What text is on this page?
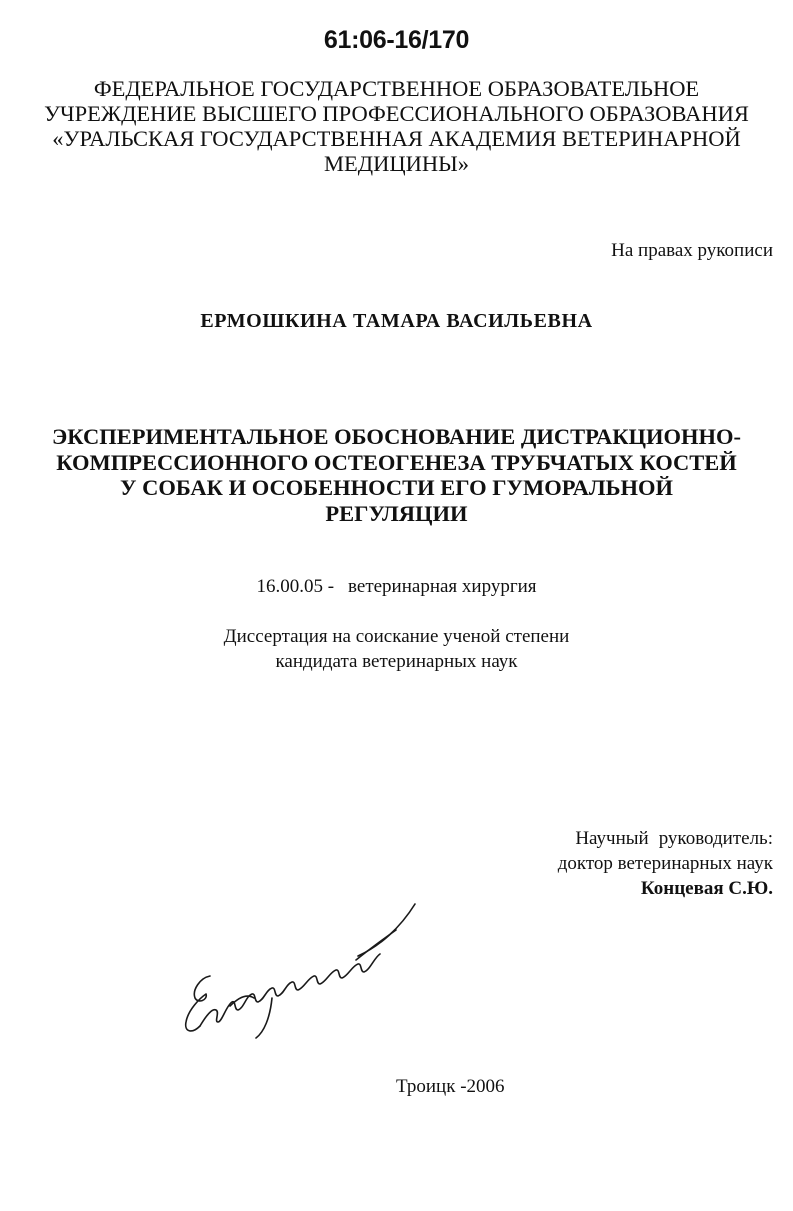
61:06-16/170
ФЕДЕРАЛЬНОЕ ГОСУДАРСТВЕННОЕ ОБРАЗОВАТЕЛЬНОЕ
УЧРЕЖДЕНИЕ ВЫСШЕГО ПРОФЕССИОНАЛЬНОГО ОБРАЗОВАНИЯ
«УРАЛЬСКАЯ ГОСУДАРСТВЕННАЯ АКАДЕМИЯ ВЕТЕРИНАРНОЙ
МЕДИЦИНЫ»
На правах рукописи
ЕРМОШКИНА ТАМАРА ВАСИЛЬЕВНА
ЭКСПЕРИМЕНТАЛЬНОЕ ОБОСНОВАНИЕ ДИСТРАКЦИОННО-
КОМПРЕССИОННОГО ОСТЕОГЕНЕЗА ТРУБЧАТЫХ КОСТЕЙ
У СОБАК И ОСОБЕННОСТИ ЕГО ГУМОРАЛЬНОЙ
РЕГУЛЯЦИИ
16.00.05 - ветеринарная хирургия
Диссертация на соискание ученой степени
кандидата ветеринарных наук
Научный руководитель:
доктор ветеринарных наук
Концевая С.Ю.
Троицк -2006
